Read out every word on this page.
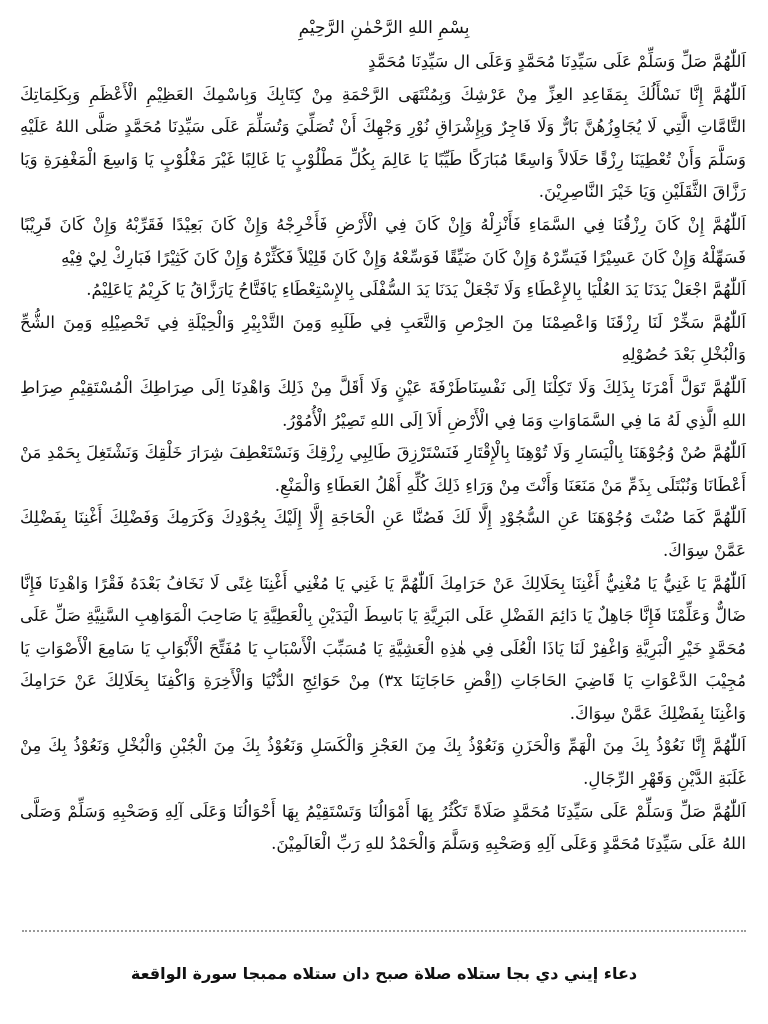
بِسْمِ اللهِ الرَّحْمٰنِ الرَّحِيْمِ

اَللّٰهُمَّ صَلِّ وَسَلِّمْ عَلَى سَيِّدِنَا مُحَمَّدٍ وَعَلَى ال سَيِّدِنَا مُحَمَّدٍ

اَللّٰهُمَّ إِنَّا نَسْأَلُكَ بِمَقَاعِدِ العِزِّ مِنْ عَرْشِكَ وَبِمُنْتَهَى الرَّحْمَةِ مِنْ كِتَابِكَ وَبِاسْمِكَ العَظِيْمِ الْأَعْظَمِ وَبِكَلِمَاتِكَ التَّامَّاتِ الَّتِي لَا يُجَاوِزُهُنَّ بَارٌّ وَلَا فَاجِرٌ وَبِإِشْرَاقِ نُوْرِ وَجْهِكَ أَنْ تُصَلِّيَ وَتُسَلِّمَ عَلَى سَيِّدِنَا مُحَمَّدٍ صَلَّى اللهُ عَلَيْهِ وَسَلَّمَ وَأَنْ تُعْطِيَنَا رِزْقًا حَلَالاً وَاسِعًا مُبَارَكًا طَيِّبًا يَا عَالِمَ بِكُلِّ مَطْلُوْبٍ يَا غَالِبًا غَيْرَ مَغْلُوْبٍ يَا وَاسِعَ الْمَغْفِرَةِ وَيَا رَزَّاقَ الثَّقَلَيْنِ وَيَا خَيْرَ النَّاصِرِيْنَ.

اَللّٰهُمَّ إِنْ كَانَ رِزْقُنَا فِي السَّمَاءِ فَأَنْزِلْهُ وَإِنْ كَانَ فِي الْأَرْضِ فَأَخْرِجْهُ وَإِنْ كَانَ بَعِيْدًا فَقَرِّبْهُ وَإِنْ كَانَ قَرِيْبًا فَسَهِّلْهُ وَإِنْ كَانَ عَسِيْرًا فَيَسِّرْهُ وَإِنْ كَانَ ضَيِّقًا فَوَسِّعْهُ وَإِنْ كَانَ قَلِيْلاً فَكَثِّرْهُ وَإِنْ كَانَ كَثِيْرًا فَبَارِكْ لِيْ فِيْهِ

اَللّٰهُمَّ اجْعَلْ يَدَنَا يَدَ العُلْيَا بِالإِعْطَاءِ وَلَا تَجْعَلْ يَدَنَا يَدَ السُّفْلَى بِالإِسْتِعْطَاءِ يَافَتَّاحُ يَارَزَّاقُ يَا كَرِيْمُ يَاعَلِيْمُ.

اَللّٰهُمَّ سَخِّرْ لَنَا رِزْقَنَا وَاعْصِمْنَا مِنَ الحِرْصِ وَالتَّعَبِ فِي طَلَبِهِ وَمِنَ التَّدْبِيْرِ وَالْحِيْلَةِ فِي تَحْصِيْلِهِ وَمِنَ الشُّحِّ وَالْبُخْلِ بَعْدَ حُصُوْلِهِ

اَللّٰهُمَّ تَوَلَّ أَمْرَنَا بِذَلِكَ وَلَا تَكِلْنَا اِلَى نَفْسِنَاطَرْفَةَ عَيْنٍ وَلَا أَقَلَّ مِنْ ذَلِكَ وَاهْدِنَا اِلَى صِرَاطِكَ الْمُسْتَقِيْمِ صِرَاطِ اللهِ الَّذِي لَهُ مَا فِي السَّمَاوَاتِ وَمَا فِي الْأَرْضِ أَلاَ اِلَى اللهِ تَصِيْرُ الْأُمُوْرُ.

اَللّٰهُمَّ صُنْ وُجُوْهَنَا بِالْيَسَارِ وَلَا تُوْهِنَا بِالْإِقْتَارِ فَنَسْتَرْزِقَ طَالِبِي رِزْقِكَ وَنَسْتَعْطِفَ شِرَارَ خَلْقِكَ وَنَشْتَغِلَ بِحَمْدِ مَنْ أَعْطَانَا وَنُبْتَلَى بِذَمِّ مَنْ مَنَعَنَا وَأَنْتَ مِنْ وَرَاءِ ذَلِكَ كُلِّهِ أَهْلُ العَطَاءِ وَالْمَنْعِ.

اَللّٰهُمَّ كَمَا صُنْتَ وُجُوْهَنَا عَنِ السُّجُوْدِ إِلَّا لَكَ فَصُنَّا عَنِ الْحَاجَةِ إِلَّا إِلَيْكَ بِجُوْدِكَ وَكَرَمِكَ وَفَضْلِكَ أَغْنِنَا بِفَضْلِكَ عَمَّنْ سِوَاكَ.

اَللّٰهُمَّ يَا غَنِيُّ يَا مُغْنِيُّ أَغْنِنَا بِحَلَالِكَ عَنْ حَرَامِكَ اَللّٰهُمَّ يَا غَنِي يَا مُغْنِي أَغْنِنَا غِنًى لَا نَخَافُ بَعْدَهُ فَقْرًا وَاهْدِنَا فَإِنَّا ضَالٌّ وَعَلِّمْنَا فَإِنَّا جَاهِلٌ يَا دَائِمَ الفَضْلِ عَلَى البَرِيَّةِ يَا بَاسِطَ الْيَدَيْنِ بِالْعَطِيَّةِ يَا صَاحِبَ الْمَوَاهِبِ السَّنِيَّةِ صَلِّ عَلَى مُحَمَّدٍ خَيْرِ الْبَرِيَّةِ وَاغْفِرْ لَنَا يَاذَا الْعُلَى فِي هٰذِهِ الْعَشِيَّةِ يَا مُسَبِّبَ الْأَسْبَابِ يَا مُفَتِّحَ الْأَبْوَابِ يَا سَامِعَ الْأَصْوَاتِ يَا مُجِيْبَ الدَّعْوَاتِ يَا قَاضِيَ الحَاجَاتِ (اِقْضِ حَاجَاتِنَا ٣x) مِنْ حَوَائِجِ الدُّنْيَا وَالْأَخِرَةِ وَاكْفِنَا بِحَلَالِكَ عَنْ حَرَامِكَ وَاغْنِنَا بِفَضْلِكَ عَمَّنْ سِوَاكَ.

اَللّٰهُمَّ إِنَّا نَعُوْذُ بِكَ مِنَ الْهَمِّ وَالْحَزَنِ وَنَعُوْذُ بِكَ مِنَ العَجْزِ وَالْكَسَلِ وَنَعُوْذُ بِكَ مِنَ الْجُبْنِ وَالْبُخْلِ وَنَعُوْذُ بِكَ مِنْ غَلَبَةِ الدَّيْنِ وَقَهْرِ الرِّجَالِ.

اَللّٰهُمَّ صَلِّ وَسَلِّمْ عَلَى سَيِّدِنَا مُحَمَّدٍ صَلَاةً تَكْثُرُ بِهَا أَمْوَالُنَا وَتَسْتَقِيْمُ بِهَا أَحْوَالُنَا وَعَلَى آلِهِ وَصَحْبِهِ وَسَلِّمْ وَصَلَّى اللهُ عَلَى سَيِّدِنَا مُحَمَّدٍ وَعَلَى آلِهِ وَصَحْبِهِ وَسَلَّمَ وَالْحَمْدُ للهِ رَبِّ الْعَالَمِيْنَ.

دعاء إيني دي بجا ستلاه صلاة صبح دان ستلاه ممبجا سورة الواقعة
